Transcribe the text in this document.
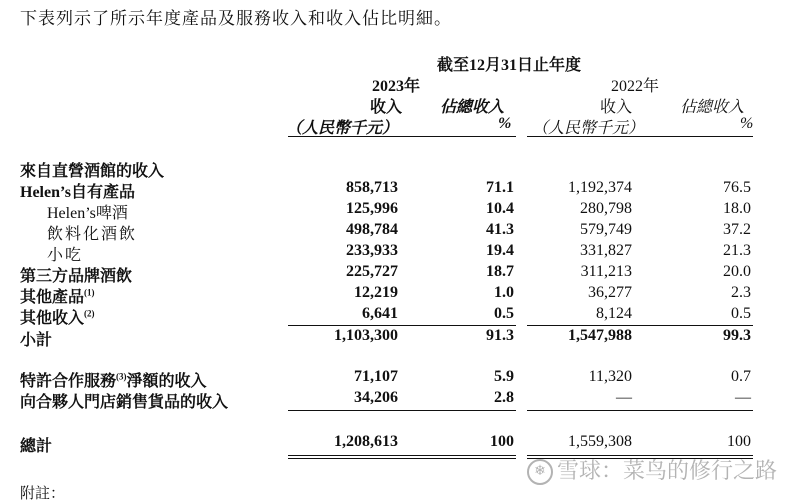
下表列示了所示年度產品及服務收入和收入佔比明細。
截至12月31日止年度
2023年
收入
（人民幣千元）
佔總收入
%
2022年
收入
（人民幣千元）
佔總收入
%
來自直營酒館的收入
Helen’s自有產品	858,713	71.1	1,192,374	76.5
Helen’s啤酒	125,996	10.4	280,798	18.0
飲料化酒飲	498,784	41.3	579,749	37.2
小吃	233,933	19.4	331,827	21.3
第三方品牌酒飲	225,727	18.7	311,213	20.0
其他產品$^{(1)}$	12,219	1.0	36,277	2.3
其他收入$^{(2)}$	6,641	0.5	8,124	0.5
小計	1,103,300	91.3	1,547,988	99.3
特許合作服務$^{(3)}$淨額的收入	71,107	5.9	11,320	0.7
向合夥人門店銷售貨品的收入	34,206	2.8	—	—
總計	1,208,613	100	1,559,308	100
附註：
❄ 雪球：菜鸟的修行之路
